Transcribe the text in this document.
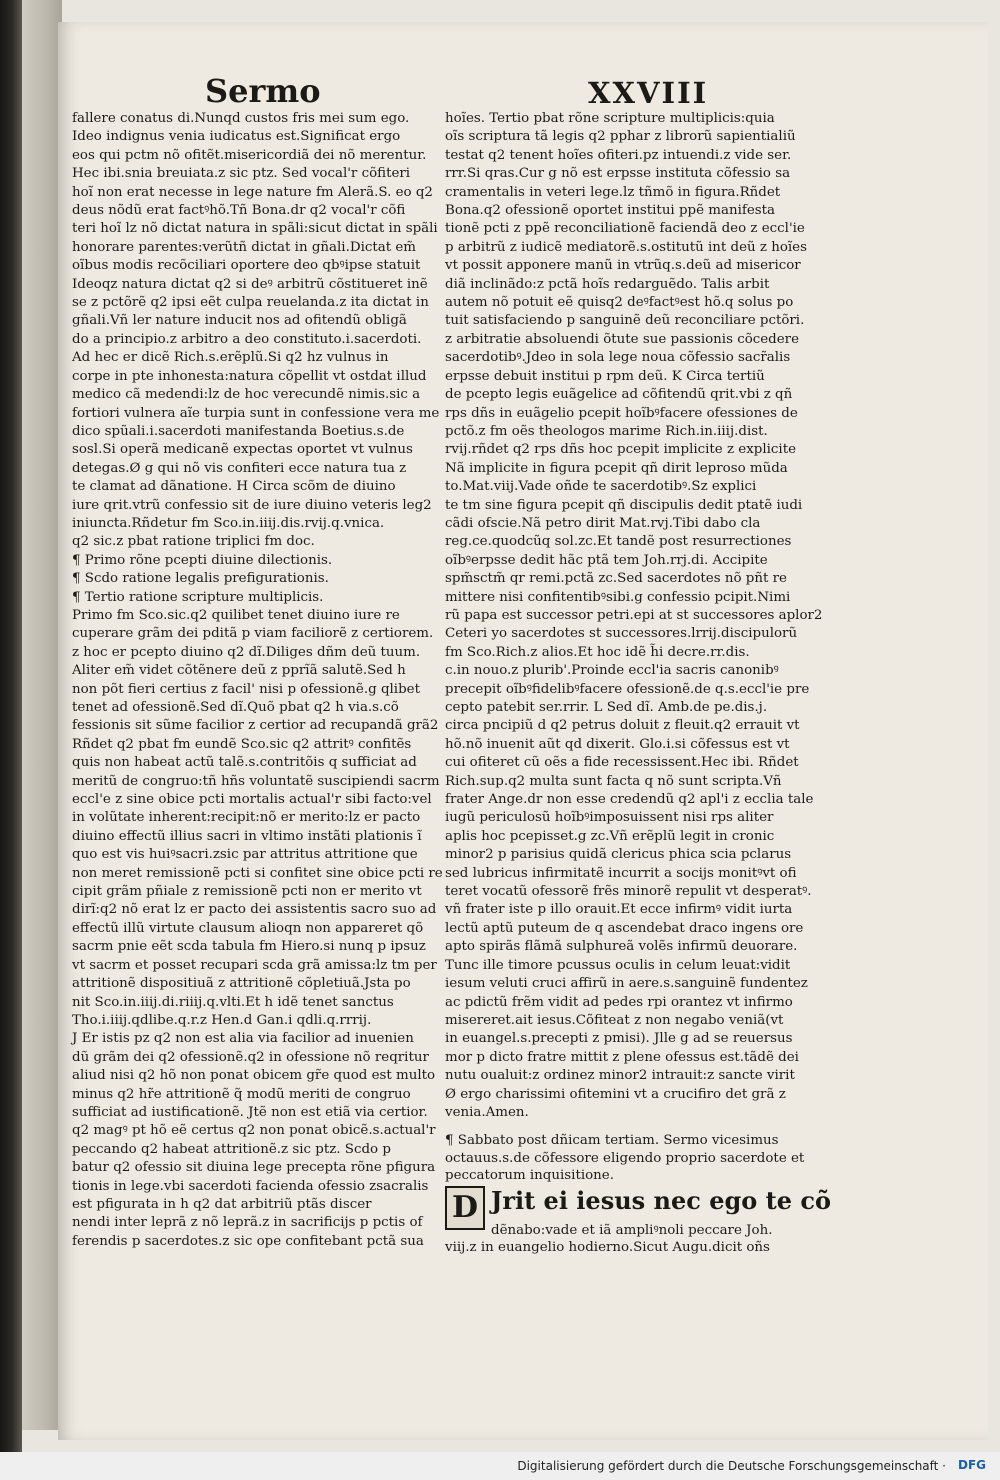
Sermo	XXVIII
fallere conatus di.Nunqd custos fris mei sum ego.
Ideo indignus venia iudicatus est.Significat ergo
eos qui pctm nõ ofitẽt.misericordiã dei nõ merentur.
Hec ibi.snia breuiata.z sic ptz. Sed vocal'r cõfiteri
hoĩ non erat necesse in lege nature fm Alerã.S. eo q2
deus nõdũ erat factꝰhõ.Tñ Bona.dr q2 vocal'r cõfi
teri hoĩ lz nõ dictat natura in spãli:sicut dictat in spãli
honorare parentes:verũtñ dictat in gñali.Dictat em̃
oĩbus modis recõciliari oportere deo qbꝰipse statuit
Ideoqz natura dictat q2 si deꝰ arbitrũ cõstitueret inẽ
se z pctõrẽ q2 ipsi eẽt culpa reuelanda.z ita dictat in
gñali.Vñ ler nature inducit nos ad ofitendũ obligã
do a principio.z arbitro a deo constituto.i.sacerdoti.
Ad hec er dicẽ Rich.s.erẽplũ.Si q2 hz vulnus in
corpe in pte inhonesta:natura cõpellit vt ostdat illud
medico cã medendi:lz de hoc verecundẽ nimis.sic a
fortiori vulnera aĩe turpia sunt in confessione vera me
dico spũali.i.sacerdoti manifestanda Boetius.s.de
sosl.Si operã medicanẽ expectas oportet vt vulnus
detegas.Ø g qui nõ vis confiteri ecce natura tua z
te clamat ad dãnatione. H Circa scõm de diuino
iure qrit.vtrũ confessio sit de iure diuino veteris leg2
iniuncta.Rñdetur fm Sco.in.iiij.dis.rvij.q.vnica.
q2 sic.z pbat ratione triplici fm doc.
¶ Primo rõne pcepti diuine dilectionis.
¶ Scdo ratione legalis prefigurationis.
¶ Tertio ratione scripture multiplicis.
Primo fm Sco.sic.q2 quilibet tenet diuino iure re
cuperare grãm dei pditã p viam faciliorẽ z certiorem.
z hoc er pcepto diuino q2 dĩ.Diliges dñm deũ tuum.
Aliter em̃ videt cõtẽnere deũ z pprĩã salutẽ.Sed h
non põt fieri certius z facil' nisi p ofessionẽ.g qlibet
tenet ad ofessionẽ.Sed dĩ.Quõ pbat q2 h via.s.cõ
fessionis sit sũme facilior z certior ad recupandã grã2
Rñdet q2 pbat fm eundẽ Sco.sic q2 attritꝰ confitẽs
quis non habeat actũ talẽ.s.contritõis q sufficiat ad
meritũ de congruo:tñ hñs voluntatẽ suscipiendi sacrm
eccl'e z sine obice pcti mortalis actual'r sibi facto:vel
in volũtate inherent:recipit:nõ er merito:lz er pacto
diuino effectũ illius sacri in vltimo instãti plationis ĩ
quo est vis huiꝰsacri.zsic par attritus attritione que
non meret remissionẽ pcti si confitet sine obice pcti re
cipit grãm pñiale z remissionẽ pcti non er merito vt
dirĩ:q2 nõ erat lz er pacto dei assistentis sacro suo ad
effectũ illũ virtute clausum alioqn non appareret qõ
sacrm pnie eẽt scda tabula fm Hiero.si nunq p ipsuz
vt sacrm et posset recupari scda grã amissa:lz tm per
attritionẽ dispositiuã z attritionẽ cõpletiuã.Jsta po
nit Sco.in.iiij.di.riiij.q.vlti.Et h idẽ tenet sanctus
Tho.i.iiij.qdlibe.q.r.z Hen.d Gan.i qdli.q.rrrij.
J Er istis pz q2 non est alia via facilior ad inuenien
dũ grãm dei q2 ofessionẽ.q2 in ofessione nõ reqritur
aliud nisi q2 hõ non ponat obicem gr̃e quod est multo
minus q2 hr̃e attritionẽ q̃ modũ meriti de congruo
sufficiat ad iustificationẽ. Jtẽ non est etiã via certior.
q2 magꝰ pt hõ eẽ certus q2 non ponat obicẽ.s.actual'r
peccando q2 habeat attritionẽ.z sic ptz. Scdo p
batur q2 ofessio sit diuina lege precepta rõne pfigura
tionis in lege.vbi sacerdoti facienda ofessio zsacralis
est pfigurata in h q2 dat arbitriũ ptãs discer
nendi inter leprã z nõ leprã.z in sacrificijs p pctis of
ferendis p sacerdotes.z sic ope confitebant pctã sua
hoĩes. Tertio pbat rõne scripture multiplicis:quia
oĩs scriptura tã legis q2 pphar z librorũ sapientialiũ
testat q2 tenent hoĩes ofiteri.pz intuendi.z vide ser.
rrr.Si qras.Cur g nõ est erpsse instituta cõfessio sa
cramentalis in veteri lege.lz tñmõ in figura.Rñdet
Bona.q2 ofessionẽ oportet institui ppẽ manifesta
tionẽ pcti z ppẽ reconciliationẽ faciendã deo z eccl'ie
p arbitrũ z iudicẽ mediatorẽ.s.ostitutũ int deũ z hoĩes
vt possit apponere manũ in vtrũq.s.deũ ad misericor
diã inclinãdo:z pctã hoĩs redarguẽdo. Talis arbit
autem nõ potuit eẽ quisq2 deꝰfactꝰest hõ.q solus po
tuit satisfaciendo p sanguinẽ deũ reconciliare pctõri.
z arbitratie absoluendi õtute sue passionis cõcedere
sacerdotibꝰ.Jdeo in sola lege noua cõfessio sacr̃alis
erpsse debuit institui p rpm deũ. K Circa tertiũ
de pcepto legis euãgelice ad cõfitendũ qrit.vbi z qñ
rps dñs in euãgelio pcepit hoĩbꝰfacere ofessiones de
pctõ.z fm oẽs theologos marime Rich.in.iiij.dist.
rvij.rñdet q2 rps dñs hoc pcepit implicite z explicite
Nã implicite in figura pcepit qñ dirit leproso mũda
to.Mat.viij.Vade oñde te sacerdotibꝰ.Sz explici
te tm sine figura pcepit qñ discipulis dedit ptatẽ iudi
cãdi ofscie.Nã petro dirit Mat.rvj.Tibi dabo cla
reg.ce.quodcũq sol.zc.Et tandẽ post resurrectiones
oĩbꝰerpsse dedit hãc ptã tem Joh.rrj.di. Accipite
spm̃sctm̃ qr remi.pctã zc.Sed sacerdotes nõ pñt re
mittere nisi confitentibꝰsibi.g confessio pcipit.Nimi
rũ papa est successor petri.epi at st successores aplor2
Ceteri yo sacerdotes st successores.lrrij.discipulorũ
fm Sco.Rich.z alios.Et hoc idẽ h̃i decre.rr.dis.
c.in nouo.z plurib'.Proinde eccl'ia sacris canonibꝰ
precepit oĩbꝰfidelibꝰfacere ofessionẽ.de q.s.eccl'ie pre
cepto patebit ser.rrir. L Sed dĩ. Amb.de pe.dis.j.
circa pncipiũ d q2 petrus doluit z fleuit.q2 errauit vt
hõ.nõ inuenit aũt qd dixerit. Glo.i.si cõfessus est vt
cui ofiteret cũ oẽs a fide recessissent.Hec ibi. Rñdet
Rich.sup.q2 multa sunt facta q nõ sunt scripta.Vñ
frater Ange.dr non esse credendũ q2 apl'i z ecclia tale
iugũ periculosũ hoĩbꝰimposuissent nisi rps aliter
aplis hoc pcepisset.g zc.Vñ erẽplũ legit in cronic
minor2 p parisius quidã clericus phica scia pclarus
sed lubricus infirmitatẽ incurrit a socijs monitꝰvt ofi
teret vocatũ ofessorẽ frẽs minorẽ repulit vt desperatꝰ.
vñ frater iste p illo orauit.Et ecce infirmꝰ vidit iurta
lectũ aptũ puteum de q ascendebat draco ingens ore
apto spirãs flãmã sulphureã volẽs infirmũ deuorare.
Tunc ille timore pcussus oculis in celum leuat:vidit
iesum veluti cruci affirũ in aere.s.sanguinẽ fundentez
ac pdictũ frẽm vidit ad pedes rpi orantez vt infirmo
misereret.ait iesus.Cõfiteat z non negabo veniã(vt
in euangel.s.precepti z pmisi). Jlle g ad se reuersus
mor p dicto fratre mittit z plene ofessus est.tãdẽ dei
nutu oualuit:z ordinez minor2 intrauit:z sancte virit
Ø ergo charissimi ofitemini vt a crucifiro det grã z
venia.Amen.
¶ Sabbato post dñicam tertiam. Sermo vicesimus
octauus.s.de cõfessore eligendo proprio sacerdote et
peccatorum inquisitione.
D Jrit ei iesus nec ego te cõ
dẽnabo:vade et iã ampliꝰnoli peccare Joh.
viij.z in euangelio hodierno.Sicut Augu.dicit oñs
Digitalisierung gefördert durch die Deutsche Forschungsgemeinschaft · DFG
